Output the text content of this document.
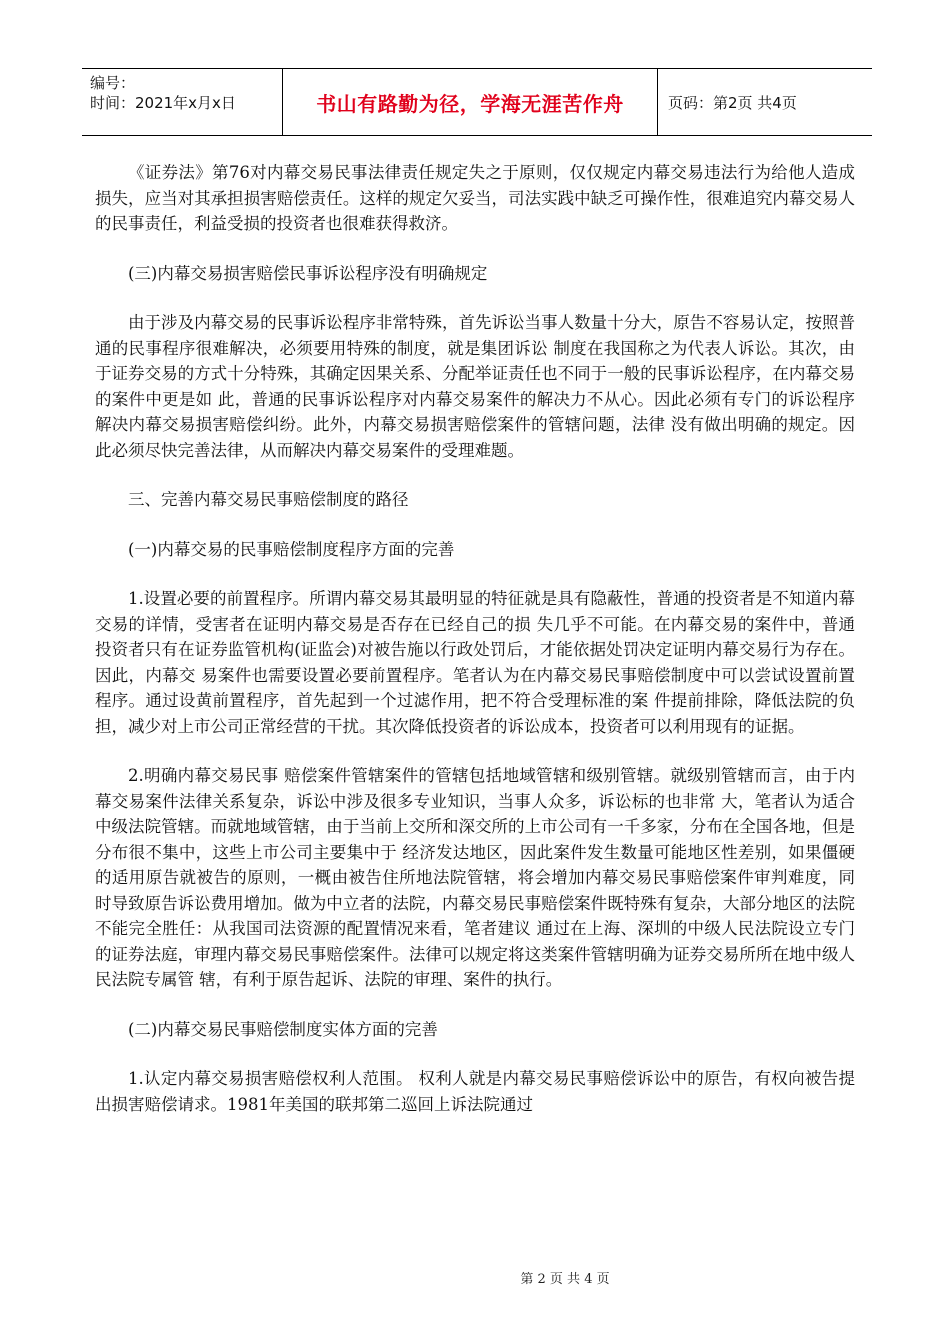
编号：
时间：2021年x月x日	书山有路勤为径，学海无涯苦作舟	页码：第2页 共4页

《证券法》第76对内幕交易民事法律责任规定失之于原则，仅仅规定内幕交易违法行为给他人造成损失，应当对其承担损害赔偿责任。这样的规定欠妥当，司法实践中缺乏可操作性，很难追究内幕交易人的民事责任，利益受损的投资者也很难获得救济。

(三)内幕交易损害赔偿民事诉讼程序没有明确规定

由于涉及内幕交易的民事诉讼程序非常特殊，首先诉讼当事人数量十分大，原告不容易认定，按照普通的民事程序很难解决，必须要用特殊的制度，就是集团诉讼 制度在我国称之为代表人诉讼。其次，由于证券交易的方式十分特殊，其确定因果关系、分配举证责任也不同于一般的民事诉讼程序，在内幕交易的案件中更是如 此，普通的民事诉讼程序对内幕交易案件的解决力不从心。因此必须有专门的诉讼程序解决内幕交易损害赔偿纠纷。此外，内幕交易损害赔偿案件的管辖问题，法律 没有做出明确的规定。因此必须尽快完善法律，从而解决内幕交易案件的受理难题。

三、完善内幕交易民事赔偿制度的路径

(一)内幕交易的民事赔偿制度程序方面的完善

1.设置必要的前置程序。所谓内幕交易其最明显的特征就是具有隐蔽性，普通的投资者是不知道内幕交易的详情，受害者在证明内幕交易是否存在已经自己的损 失几乎不可能。在内幕交易的案件中，普通投资者只有在证券监管机构(证监会)对被告施以行政处罚后，才能依据处罚决定证明内幕交易行为存在。因此，内幕交 易案件也需要设置必要前置程序。笔者认为在内幕交易民事赔偿制度中可以尝试设置前置程序。通过设黄前置程序，首先起到一个过滤作用，把不符合受理标准的案 件提前排除，降低法院的负担，减少对上市公司正常经营的干扰。其次降低投资者的诉讼成本，投资者可以利用现有的证据。

2.明确内幕交易民事 赔偿案件管辖案件的管辖包括地域管辖和级别管辖。就级别管辖而言，由于内幕交易案件法律关系复杂，诉讼中涉及很多专业知识，当事人众多，诉讼标的也非常 大，笔者认为适合中级法院管辖。而就地域管辖，由于当前上交所和深交所的上市公司有一千多家，分布在全国各地，但是分布很不集中，这些上市公司主要集中于 经济发达地区，因此案件发生数量可能地区性差别，如果僵硬的适用原告就被告的原则，一概由被告住所地法院管辖，将会增加内幕交易民事赔偿案件审判难度，同 时导致原告诉讼费用增加。做为中立者的法院，内幕交易民事赔偿案件既特殊有复杂，大部分地区的法院不能完全胜任：从我国司法资源的配置情况来看，笔者建议 通过在上海、深圳的中级人民法院设立专门的证券法庭，审理内幕交易民事赔偿案件。法律可以规定将这类案件管辖明确为证券交易所所在地中级人民法院专属管 辖，有利于原告起诉、法院的审理、案件的执行。

(二)内幕交易民事赔偿制度实体方面的完善

1.认定内幕交易损害赔偿权利人范围。 权利人就是内幕交易民事赔偿诉讼中的原告，有权向被告提出损害赔偿请求。1981年美国的联邦第二巡回上诉法院通过

第 2 页 共 4 页
